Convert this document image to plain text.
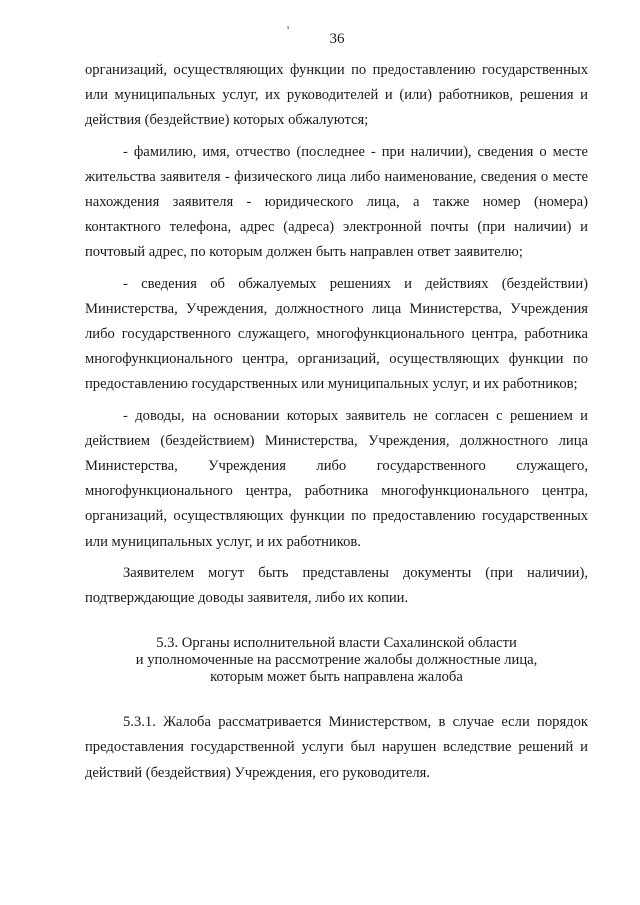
'
36

организаций, осуществляющих функции по предоставлению государственных или муниципальных услуг, их руководителей и (или) работников, решения и действия (бездействие) которых обжалуются;

- фамилию, имя, отчество (последнее - при наличии), сведения о месте жительства заявителя - физического лица либо наименование, сведения о месте нахождения заявителя - юридического лица, а также номер (номера) контактного телефона, адрес (адреса) электронной почты (при наличии) и почтовый адрес, по которым должен быть направлен ответ заявителю;

- сведения об обжалуемых решениях и действиях (бездействии) Министерства, Учреждения, должностного лица Министерства, Учреждения либо государственного служащего, многофункционального центра, работника многофункционального центра, организаций, осуществляющих функции по предоставлению государственных или муниципальных услуг, и их работников;

- доводы, на основании которых заявитель не согласен с решением и действием (бездействием) Министерства, Учреждения, должностного лица Министерства, Учреждения либо государственного служащего, многофункционального центра, работника многофункционального центра, организаций, осуществляющих функции по предоставлению государственных или муниципальных услуг, и их работников.

Заявителем могут быть представлены документы (при наличии), подтверждающие доводы заявителя, либо их копии.

5.3. Органы исполнительной власти Сахалинской области
и уполномоченные на рассмотрение жалобы должностные лица,
которым может быть направлена жалоба

5.3.1. Жалоба рассматривается Министерством, в случае если порядок предоставления государственной услуги был нарушен вследствие решений и действий (бездействия) Учреждения, его руководителя.
